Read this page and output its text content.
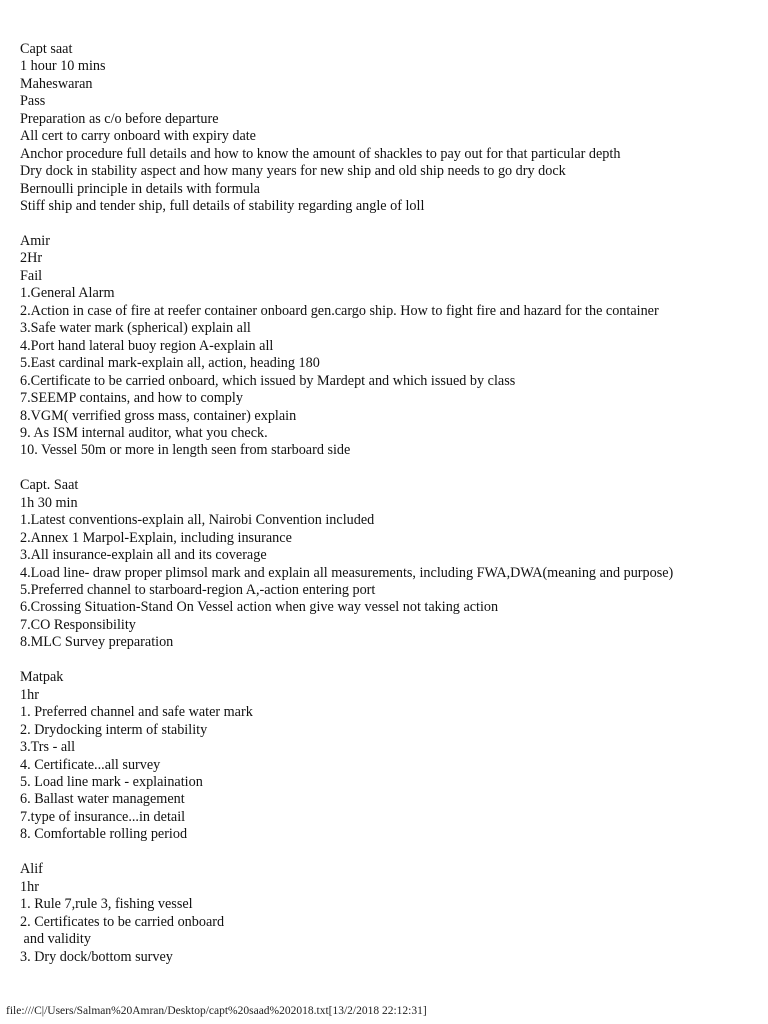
Capt saat
1 hour 10 mins
Maheswaran
Pass
Preparation as c/o before departure
All cert to carry onboard with expiry date
Anchor procedure full details and how to know the amount of shackles to pay out for that particular depth
Dry dock in stability aspect and how many years for new ship and old ship needs to go dry dock
Bernoulli principle in details with formula
Stiff ship and tender ship, full details of stability regarding angle of loll
Amir
2Hr
Fail
1.General Alarm
2.Action in case of fire at reefer container onboard gen.cargo ship. How to fight fire and hazard for the container
3.Safe water mark (spherical) explain all
4.Port hand lateral buoy region A-explain all
5.East cardinal mark-explain all, action, heading 180
6.Certificate to be carried onboard, which issued by Mardept and which issued by class
7.SEEMP contains, and how to comply
8.VGM( verrified gross mass, container) explain
9. As ISM internal auditor, what you check.
10. Vessel 50m or more in length seen from starboard side
Capt. Saat
1h 30 min
1.Latest conventions-explain all, Nairobi Convention included
2.Annex 1 Marpol-Explain, including insurance
3.All insurance-explain all and its coverage
4.Load line- draw proper plimsol mark and explain all measurements, including FWA,DWA(meaning and purpose)
5.Preferred channel to starboard-region A,-action entering port
6.Crossing Situation-Stand On Vessel action when give way vessel not taking action
7.CO Responsibility
8.MLC Survey preparation
Matpak
1hr
1. Preferred channel and safe water mark
2. Drydocking interm of stability
3.Trs - all
4. Certificate...all survey
5. Load line mark - explaination
6. Ballast water management
7.type of insurance...in detail
8. Comfortable rolling period
Alif
1hr
1. Rule 7,rule 3, fishing vessel
2. Certificates to be carried onboard
and validity
3. Dry dock/bottom survey
file:///C|/Users/Salman%20Amran/Desktop/capt%20saad%202018.txt[13/2/2018 22:12:31]
